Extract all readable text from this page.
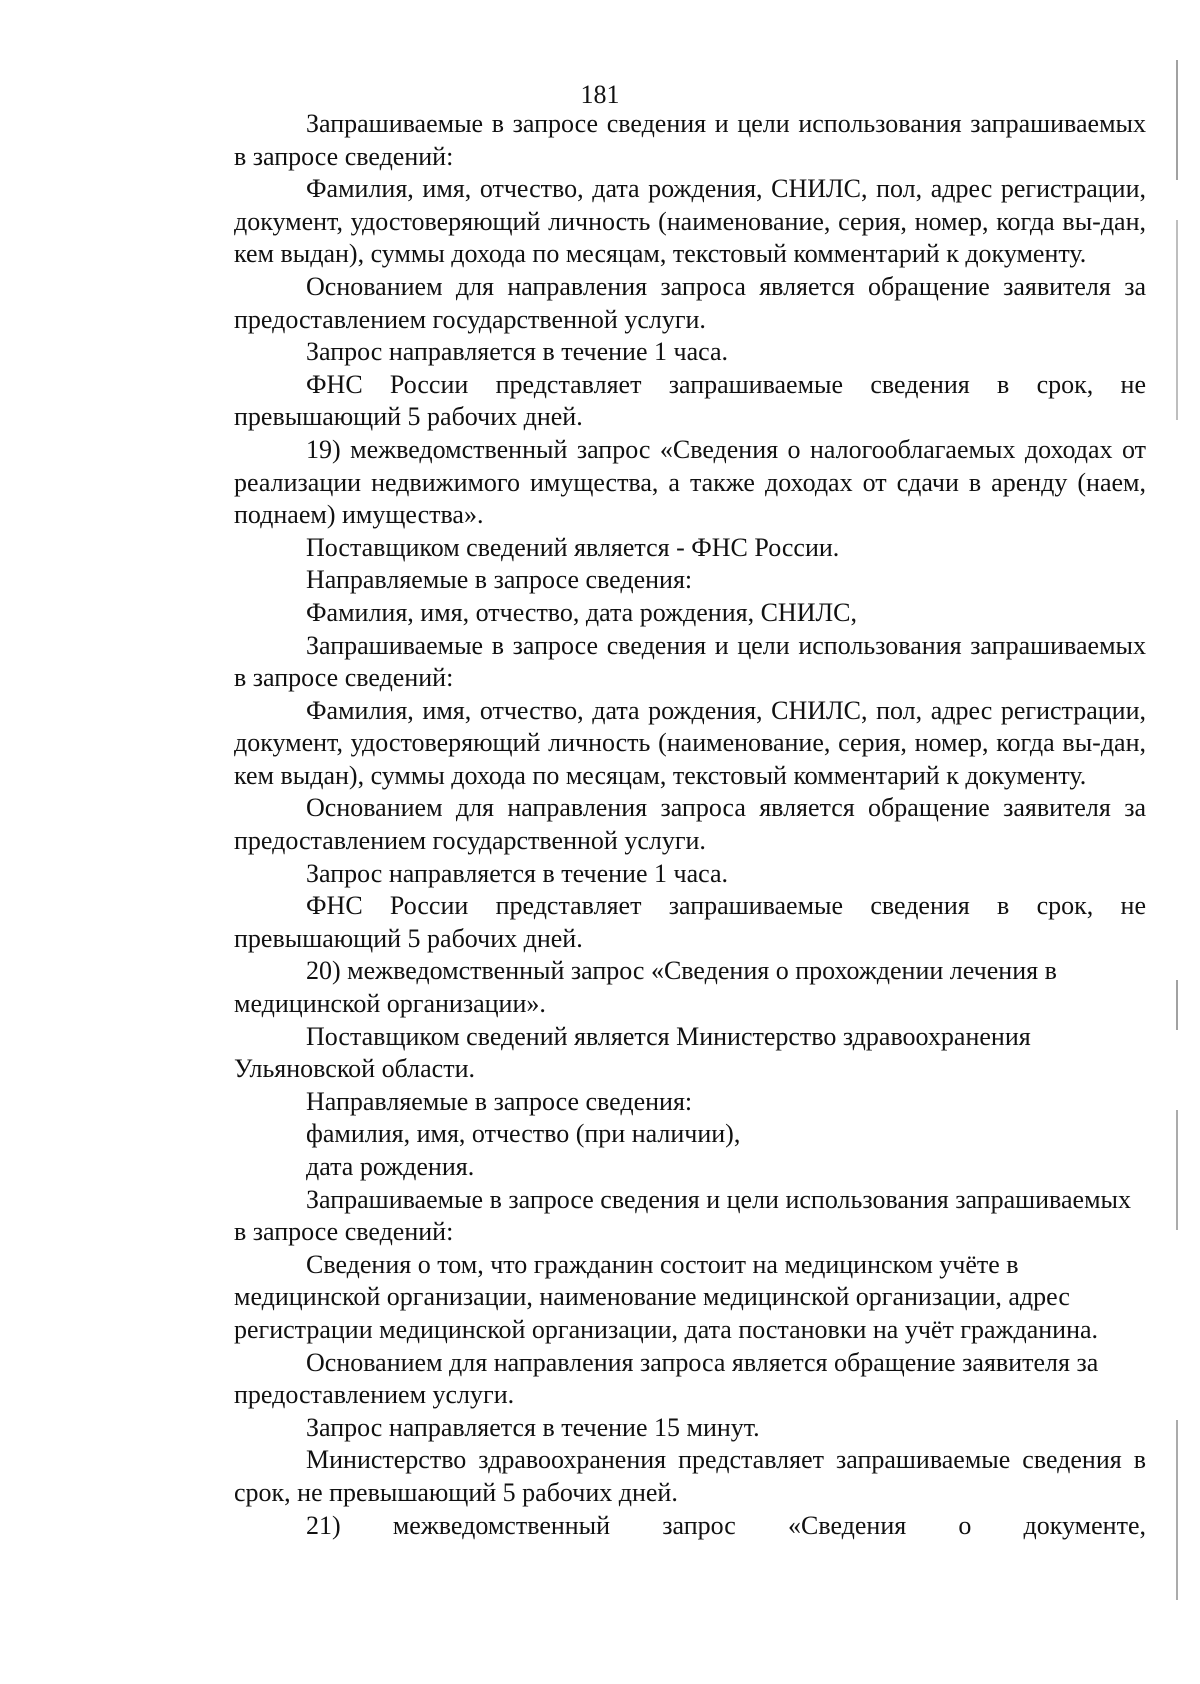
181

Запрашиваемые в запросе сведения и цели использования запрашиваемых в запросе сведений:

Фамилия, имя, отчество, дата рождения, СНИЛС, пол, адрес регистрации, документ, удостоверяющий личность (наименование, серия, номер, когда вы-дан, кем выдан), суммы дохода по месяцам, текстовый комментарий к документу.

Основанием для направления запроса является обращение заявителя за предоставлением государственной услуги.

Запрос направляется в течение 1 часа.

ФНС России представляет запрашиваемые сведения в срок, не превышающий 5 рабочих дней.

19) межведомственный запрос «Сведения о налогооблагаемых доходах от реализации недвижимого имущества, а также доходах от сдачи в аренду (наем, поднаем) имущества».

Поставщиком сведений является - ФНС России.

Направляемые в запросе сведения:

Фамилия, имя, отчество, дата рождения, СНИЛС,

Запрашиваемые в запросе сведения и цели использования запрашиваемых в запросе сведений:

Фамилия, имя, отчество, дата рождения, СНИЛС, пол, адрес регистрации, документ, удостоверяющий личность (наименование, серия, номер, когда вы-дан, кем выдан), суммы дохода по месяцам, текстовый комментарий к документу.

Основанием для направления запроса является обращение заявителя за предоставлением государственной услуги.

Запрос направляется в течение 1 часа.

ФНС России представляет запрашиваемые сведения в срок, не превышающий 5 рабочих дней.

20) межведомственный запрос «Сведения о прохождении лечения в медицинской организации».

Поставщиком сведений является Министерство здравоохранения Ульяновской области.

Направляемые в запросе сведения:

фамилия, имя, отчество (при наличии),

дата рождения.

Запрашиваемые в запросе сведения и цели использования запрашиваемых в запросе сведений:

Сведения о том, что гражданин состоит на медицинском учёте в медицинской организации, наименование медицинской организации, адрес регистрации медицинской организации, дата постановки на учёт гражданина.

Основанием для направления запроса является обращение заявителя за предоставлением услуги.

Запрос направляется в течение 15 минут.

Министерство здравоохранения представляет запрашиваемые сведения в срок, не превышающий 5 рабочих дней.

21) межведомственный запрос «Сведения о документе,
